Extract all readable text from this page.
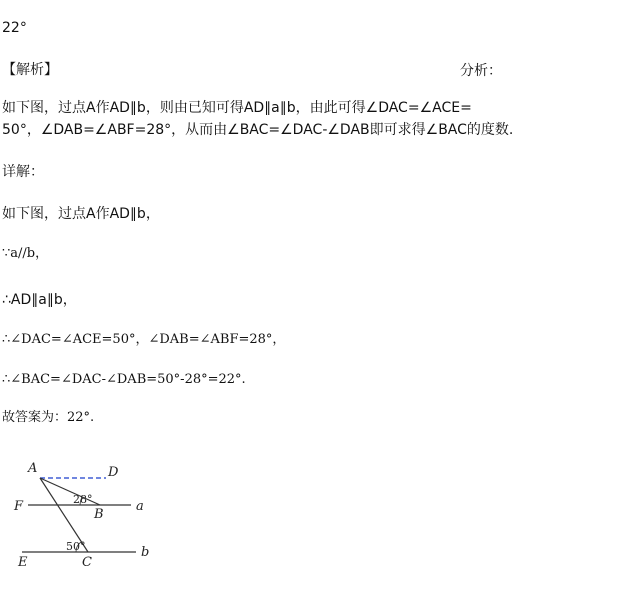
22°
【解析】	分析：
如下图，过点A作AD∥b，则由已知可得AD∥a∥b，由此可得∠DAC=∠ACE=
50°，∠DAB=∠ABF=28°，从而由∠BAC=∠DAC-∠DAB即可求得∠BAC的度数.
详解：
如下图，过点A作AD∥b，
∵a//b，
∴AD∥a∥b，
∴∠DAC=∠ACE=50°，∠DAB=∠ABF=28°，
∴∠BAC=∠DAC-∠DAB=50°-28°=22°.
故答案为：22°.
A	D
F
B
a
E	C
b
28°
50°
